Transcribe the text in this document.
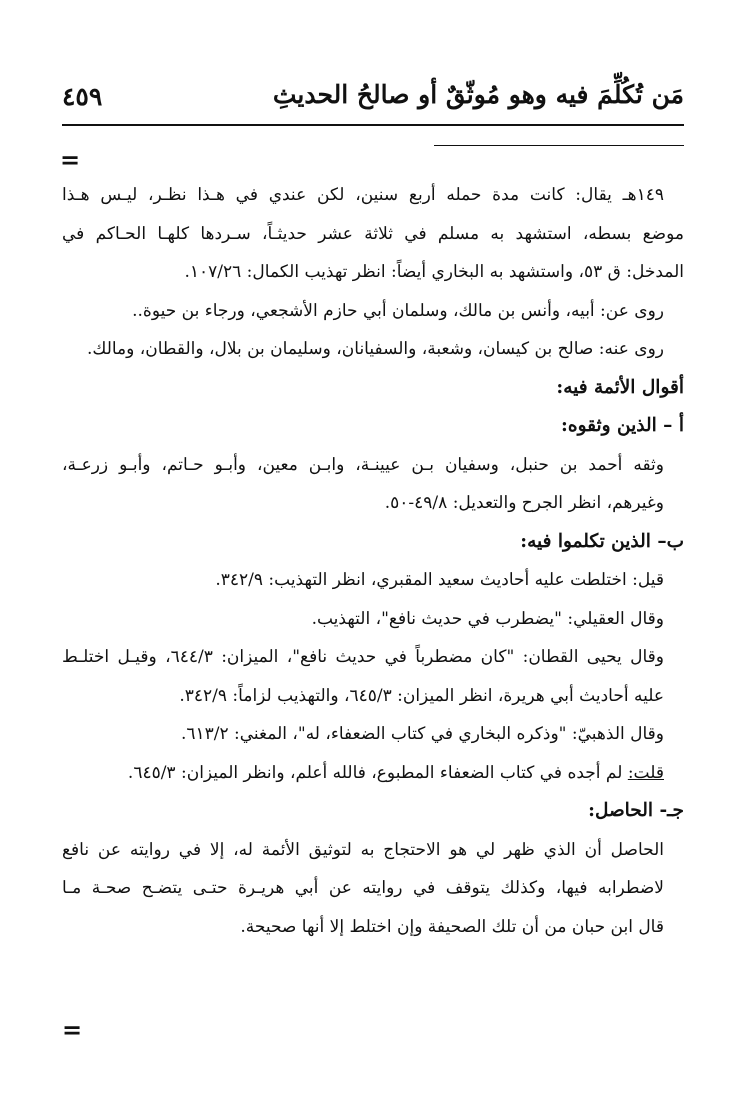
مَن تُكُلِّمَ فيه وهو مُوثّقٌ أو صالحُ الحديثِ
٤٥٩
=
١٤٩هـ يقال: كانت مدة حمله أربع سنين، لكن عندي في هـذا نظـر، ليـس هـذا
موضع بسطه، استشهد به مسلم في ثلاثة عشر حديثـاً، سـردها كلهـا الحـاكم في
المدخل: ق ٥٣، واستشهد به البخاري أيضاً: انظر تهذيب الكمال: ١٠٧/٢٦.
روى عن: أبيه، وأنس بن مالك، وسلمان أبي حازم الأشجعي، ورجاء بن حيوة..
روى عنه: صالح بن كيسان، وشعبة، والسفيانان، وسليمان بن بلال، والقطان، ومالك.
أقوال الأئمة فيه:
أ – الذين وثقوه:
وثقه أحمد بن حنبل، وسفيان بـن عيينـة، وابـن معين، وأبـو حـاتم، وأبـو زرعـة،
وغيرهم، انظر الجرح والتعديل: ٤٩/٨-٥٠.
ب– الذين تكلموا فيه:
قيل: اختلطت عليه أحاديث سعيد المقبري، انظر التهذيب: ٣٤٢/٩.
وقال العقيلي: "يضطرب في حديث نافع"، التهذيب.
وقال يحيى القطان: "كان مضطرباً في حديث نافع"، الميزان: ٦٤٤/٣، وقيـل اختلـط
عليه أحاديث أبي هريرة، انظر الميزان: ٦٤٥/٣، والتهذيب لزاماً: ٣٤٢/٩.
وقال الذهبيّ: "وذكره البخاري في كتاب الضعفاء، له"، المغني: ٦١٣/٢.
قلت: لم أجده في كتاب الضعفاء المطبوع، فالله أعلم، وانظر الميزان: ٦٤٥/٣.
جـ- الحاصل:
الحاصل أن الذي ظهر لي هو الاحتجاج به لتوثيق الأئمة له، إلا في روايته عن نافع
لاضطرابه فيها، وكذلك يتوقف في روايته عن أبي هريـرة حتـى يتضـح صحـة مـا
قال ابن حبان من أن تلك الصحيفة وإن اختلط إلا أنها صحيحة.
=
